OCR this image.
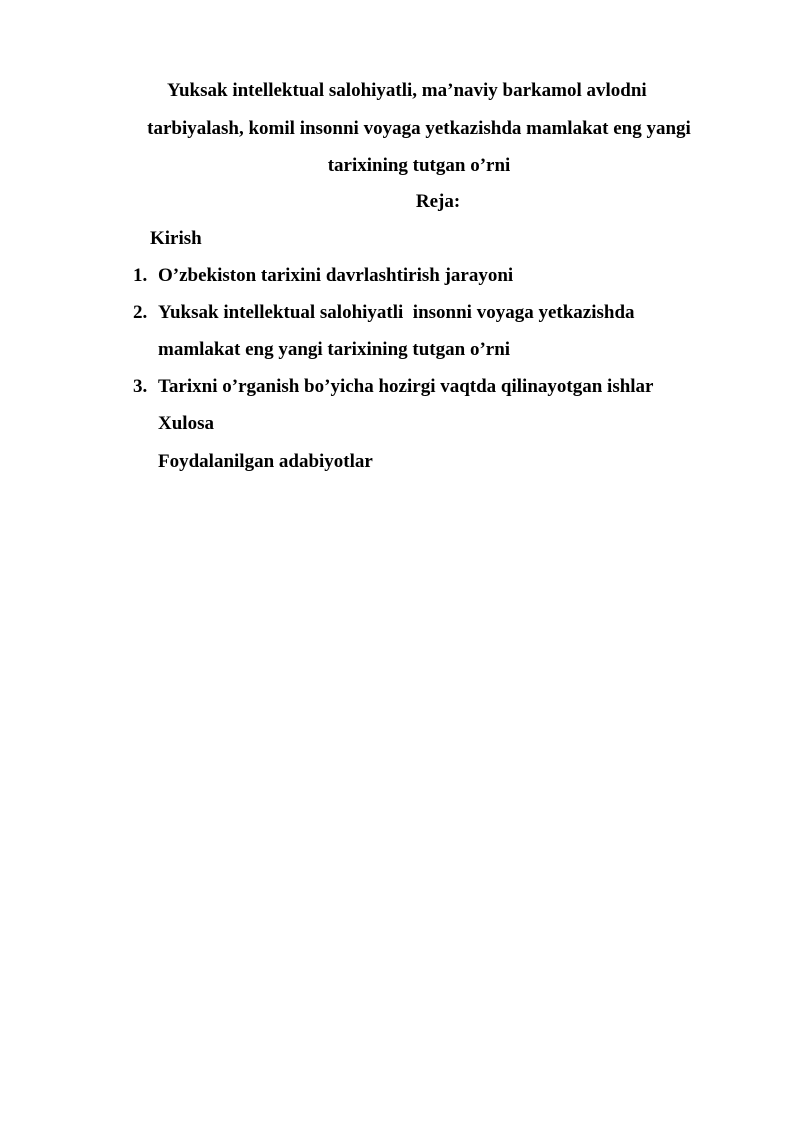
Yuksak intellektual salohiyatli, ma’naviy barkamol avlodni

tarbiyalash, komil insonni voyaga yetkazishda mamlakat eng yangi

tarixining tutgan o’rni

Reja:

Kirish

1. O’zbekiston tarixini davrlashtirish jarayoni
2. Yuksak intellektual salohiyatli  insonni voyaga yetkazishda

mamlakat eng yangi tarixining tutgan o’rni

3. Tarixni o’rganish bo’yicha hozirgi vaqtda qilinayotgan ishlar

Xulosa

Foydalanilgan adabiyotlar
